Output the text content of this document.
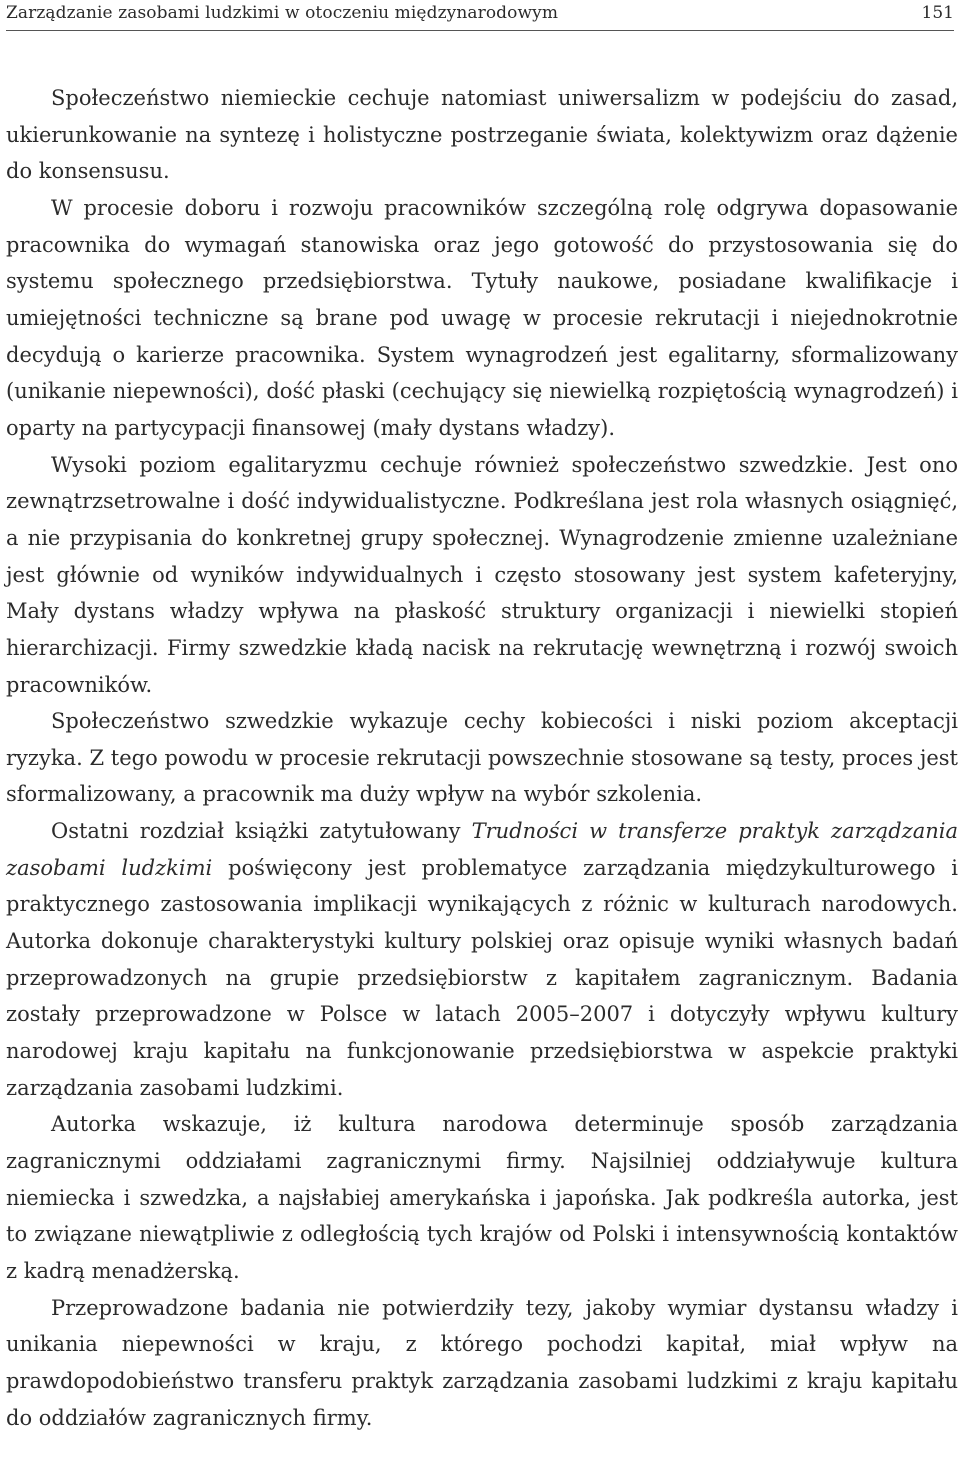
Zarządzanie zasobami ludzkimi w otoczeniu międzynarodowym	151

Społeczeństwo niemieckie cechuje natomiast uniwersalizm w podejściu do zasad, ukierunkowanie na syntezę i holistyczne postrzeganie świata, kolektywizm oraz dążenie do konsensusu.

W procesie doboru i rozwoju pracowników szczególną rolę odgrywa dopasowanie pracownika do wymagań stanowiska oraz jego gotowość do przystosowania się do systemu społecznego przedsiębiorstwa. Tytuły naukowe, posiadane kwalifikacje i umiejętności techniczne są brane pod uwagę w procesie rekrutacji i niejednokrotnie decydują o karierze pracownika. System wynagrodzeń jest egalitarny, sformalizowany (unikanie niepewności), dość płaski (cechujący się niewielką rozpiętością wynagrodzeń) i oparty na partycypacji finansowej (mały dystans władzy).

Wysoki poziom egalitaryzmu cechuje również społeczeństwo szwedzkie. Jest ono zewnątrzsetrowalne i dość indywidualistyczne. Podkreślana jest rola własnych osiągnięć, a nie przypisania do konkretnej grupy społecznej. Wynagrodzenie zmienne uzależniane jest głównie od wyników indywidualnych i często stosowany jest system kafeteryjny, Mały dystans władzy wpływa na płaskość struktury organizacji i niewielki stopień hierarchizacji. Firmy szwedzkie kładą nacisk na rekrutację wewnętrzną i rozwój swoich pracowników.

Społeczeństwo szwedzkie wykazuje cechy kobiecości i niski poziom akceptacji ryzyka. Z tego powodu w procesie rekrutacji powszechnie stosowane są testy, proces jest sformalizowany, a pracownik ma duży wpływ na wybór szkolenia.

Ostatni rozdział książki zatytułowany Trudności w transferze praktyk zarządzania zasobami ludzkimi poświęcony jest problematyce zarządzania międzykulturowego i praktycznego zastosowania implikacji wynikających z różnic w kulturach narodowych. Autorka dokonuje charakterystyki kultury polskiej oraz opisuje wyniki własnych badań przeprowadzonych na grupie przedsiębiorstw z kapitałem zagranicznym. Badania zostały przeprowadzone w Polsce w latach 2005–2007 i dotyczyły wpływu kultury narodowej kraju kapitału na funkcjonowanie przedsiębiorstwa w aspekcie praktyki zarządzania zasobami ludzkimi.

Autorka wskazuje, iż kultura narodowa determinuje sposób zarządzania zagranicznymi oddziałami zagranicznymi firmy. Najsilniej oddziaływuje kultura niemiecka i szwedzka, a najsłabiej amerykańska i japońska. Jak podkreśla autorka, jest to związane niewątpliwie z odległością tych krajów od Polski i intensywnością kontaktów z kadrą menadżerską.

Przeprowadzone badania nie potwierdziły tezy, jakoby wymiar dystansu władzy i unikania niepewności w kraju, z którego pochodzi kapitał, miał wpływ na prawdopodobieństwo transferu praktyk zarządzania zasobami ludzkimi z kraju kapitału do oddziałów zagranicznych firmy.
